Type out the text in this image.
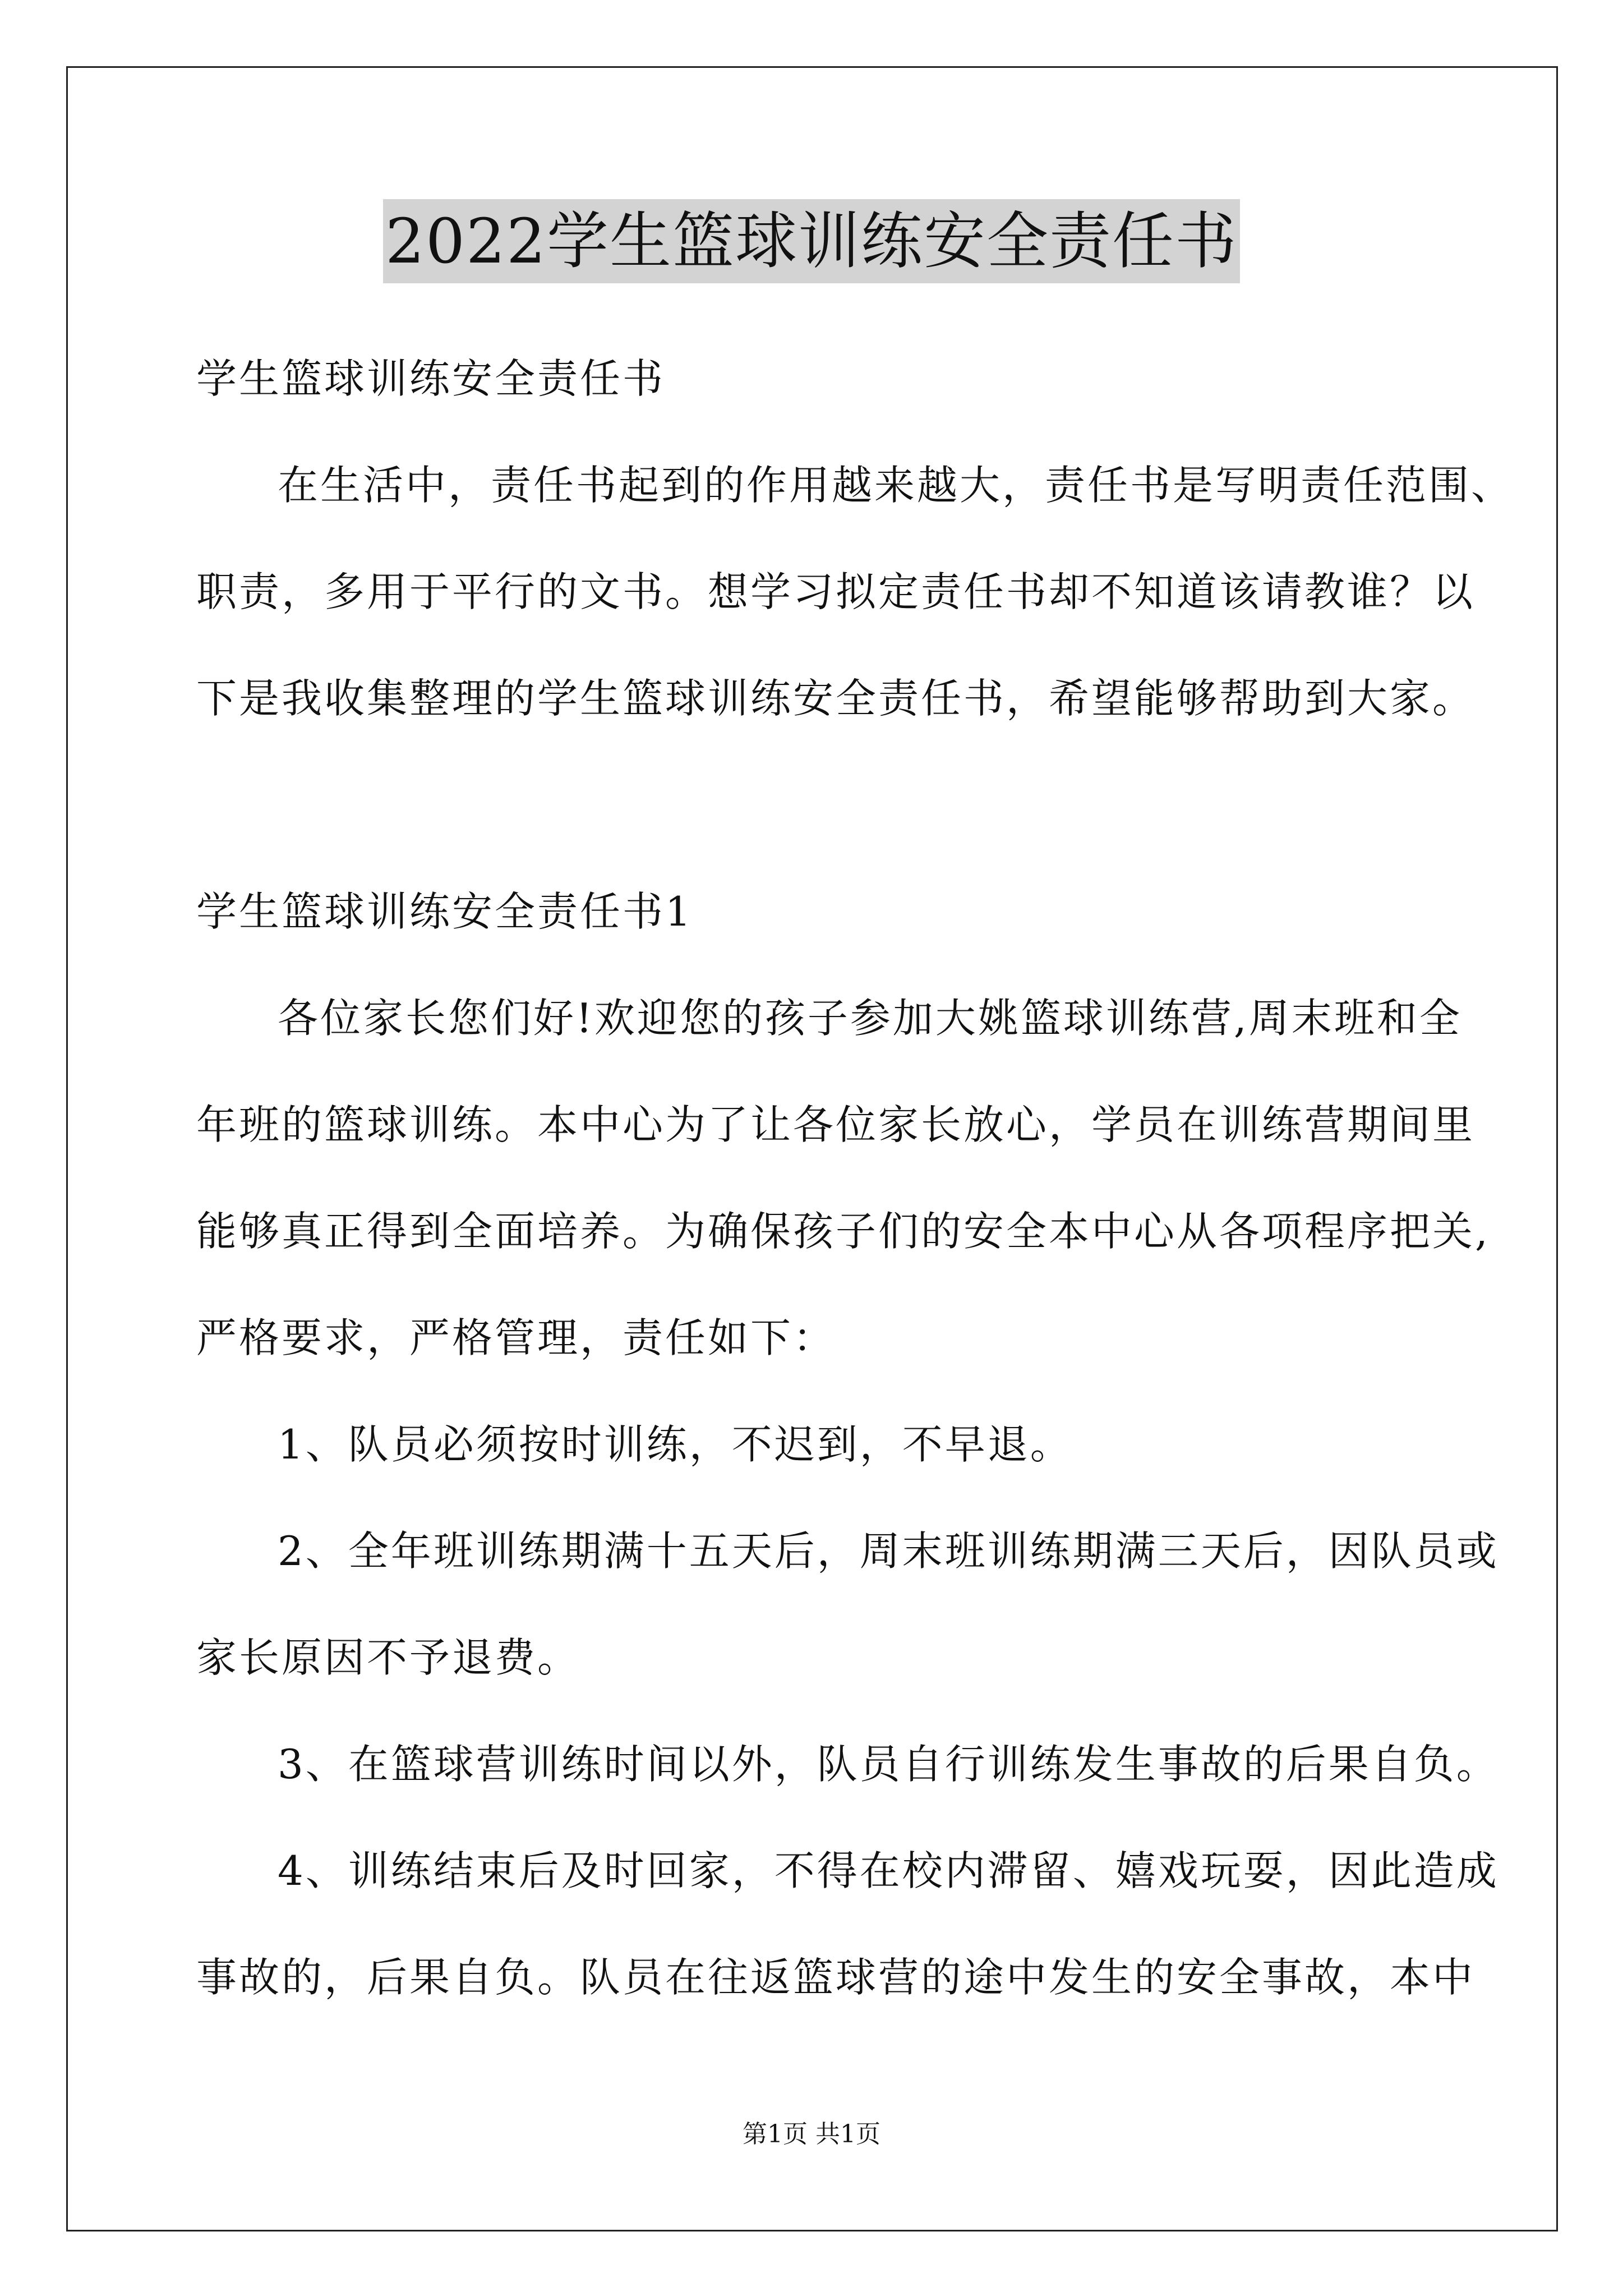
2022学生篮球训练安全责任书
学生篮球训练安全责任书
在生活中，责任书起到的作用越来越大，责任书是写明责任范围、
职责，多用于平行的文书。想学习拟定责任书却不知道该请教谁？以
下是我收集整理的学生篮球训练安全责任书，希望能够帮助到大家。
学生篮球训练安全责任书1
各位家长您们好!欢迎您的孩子参加大姚篮球训练营,周末班和全
年班的篮球训练。本中心为了让各位家长放心，学员在训练营期间里
能够真正得到全面培养。为确保孩子们的安全本中心从各项程序把关,
严格要求，严格管理，责任如下：
1、队员必须按时训练，不迟到，不早退。
2、全年班训练期满十五天后，周末班训练期满三天后，因队员或
家长原因不予退费。
3、在篮球营训练时间以外，队员自行训练发生事故的后果自负。
4、训练结束后及时回家，不得在校内滞留、嬉戏玩耍，因此造成
事故的，后果自负。队员在往返篮球营的途中发生的安全事故，本中
第1页 共1页
